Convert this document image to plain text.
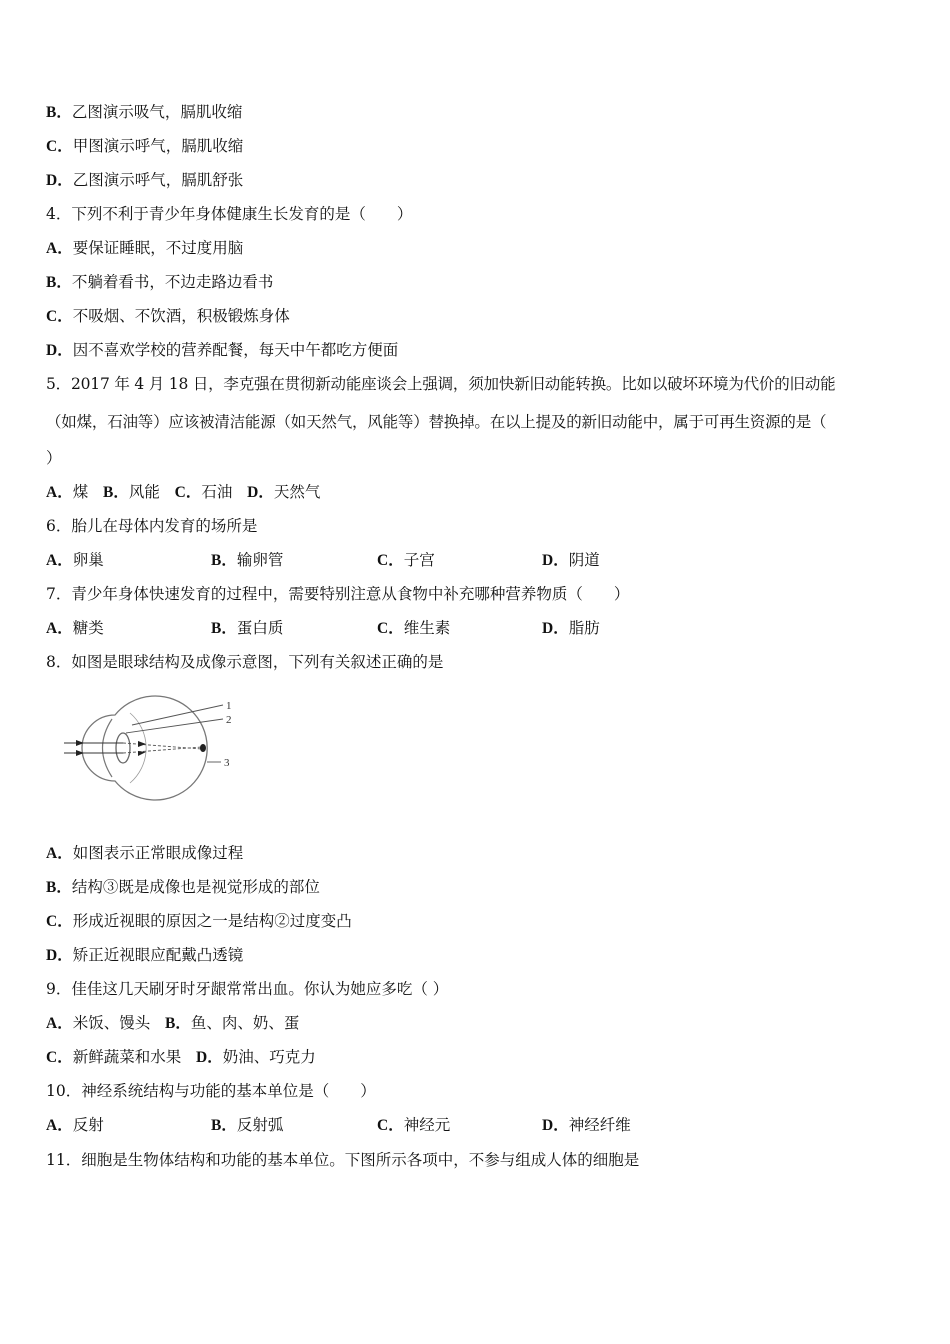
B．乙图演示吸气，膈肌收缩
C．甲图演示呼气，膈肌收缩
D．乙图演示呼气，膈肌舒张
4．下列不利于青少年身体健康生长发育的是（　　）
A．要保证睡眠，不过度用脑
B．不躺着看书，不边走路边看书
C．不吸烟、不饮酒，积极锻炼身体
D．因不喜欢学校的营养配餐，每天中午都吃方便面
5．2017 年 4 月 18 日，李克强在贯彻新动能座谈会上强调，须加快新旧动能转换。比如以破坏环境为代价的旧动能
（如煤，石油等）应该被清洁能源（如天然气，风能等）替换掉。在以上提及的新旧动能中，属于可再生资源的是（
）
A．煤 B．风能 C．石油 D．天然气
6．胎儿在母体内发育的场所是
A．卵巢	B．输卵管	C．子宫	D．阴道
7．青少年身体快速发育的过程中，需要特别注意从食物中补充哪种营养物质（　　）
A．糖类	B．蛋白质	C．维生素	D．脂肪
8．如图是眼球结构及成像示意图，下列有关叙述正确的是
1
2
3
A．如图表示正常眼成像过程
B．结构③既是成像也是视觉形成的部位
C．形成近视眼的原因之一是结构②过度变凸
D．矫正近视眼应配戴凸透镜
9．佳佳这几天刷牙时牙龈常常出血。你认为她应多吃（ ）
A．米饭、馒头 B．鱼、肉、奶、蛋
C．新鲜蔬菜和水果 D．奶油、巧克力
10．神经系统结构与功能的基本单位是（　　）
A．反射	B．反射弧	C．神经元	D．神经纤维
11．细胞是生物体结构和功能的基本单位。下图所示各项中，不参与组成人体的细胞是
